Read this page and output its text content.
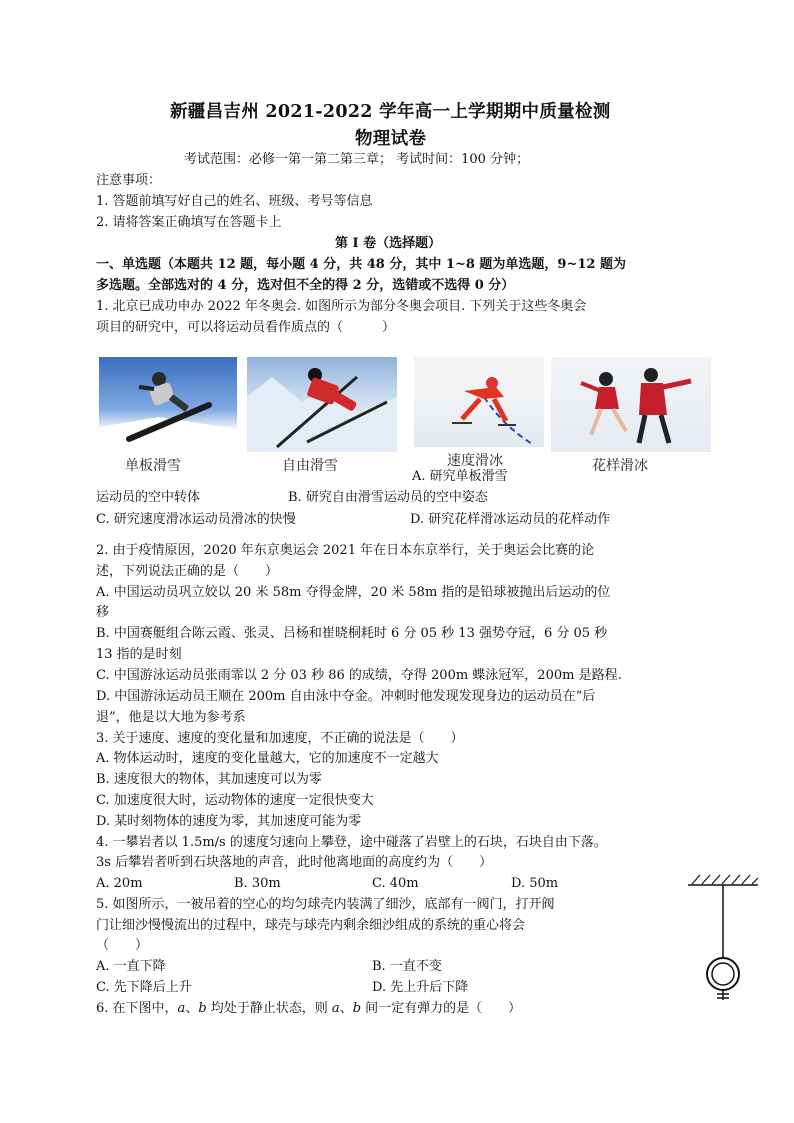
新疆昌吉州 2021-2022 学年高一上学期期中质量检测
物理试卷
考试范围：必修一第一第二第三章； 考试时间：100 分钟；
注意事项：
1. 答题前填写好自己的姓名、班级、考号等信息
2. 请将答案正确填写在答题卡上
第 I 卷（选择题）
一、单选题（本题共 12 题，每小题 4 分，共 48 分，其中 1~8 题为单选题，9~12 题为
多选题。全部选对的 4 分，选对但不全的得 2 分，选错或不选得 0 分）
1. 北京已成功申办 2022 年冬奥会. 如图所示为部分冬奥会项目. 下列关于这些冬奥会
项目的研究中，可以将运动员看作质点的（　　　）
单板滑雪	自由滑雪	速度滑冰	花样滑冰
A. 研究单板滑雪
运动员的空中转体	B. 研究自由滑雪运动员的空中姿态
C. 研究速度滑冰运动员滑冰的快慢	D. 研究花样滑冰运动员的花样动作
2. 由于疫情原因，2020 年东京奥运会 2021 年在日本东京举行，关于奥运会比赛的论
述，下列说法正确的是（　　）
A. 中国运动员巩立姣以 20 米 58m 夺得金牌，20 米 58m 指的是铅球被抛出后运动的位
移
B. 中国赛艇组合陈云霞、张灵、吕杨和崔晓桐耗时 6 分 05 秒 13 强势夺冠，6 分 05 秒
13 指的是时刻
C. 中国游泳运动员张雨霏以 2 分 03 秒 86 的成绩，夺得 200m 蝶泳冠军，200m 是路程.
D. 中国游泳运动员王顺在 200m 自由泳中夺金。冲刺时他发现发现身边的运动员在“后
退”，他是以大地为参考系
3. 关于速度、速度的变化量和加速度，不正确的说法是（　　）
A. 物体运动时，速度的变化量越大，它的加速度不一定越大
B. 速度很大的物体，其加速度可以为零
C. 加速度很大时，运动物体的速度一定很快变大
D. 某时刻物体的速度为零，其加速度可能为零
4. 一攀岩者以 1.5m/s 的速度匀速向上攀登，途中碰落了岩壁上的石块，石块自由下落。
3s 后攀岩者听到石块落地的声音，此时他离地面的高度约为（　　）
A. 20m	B. 30m	C. 40m	D. 50m
5. 如图所示，一被吊着的空心的均匀球壳内装满了细沙，底部有一阀门，打开阀
门让细沙慢慢流出的过程中，球壳与球壳内剩余细沙组成的系统的重心将会
（　　）
A. 一直下降	B. 一直不变
C. 先下降后上升	D. 先上升后下降
6. 在下图中，a、b 均处于静止状态，则 a、b 间一定有弹力的是（　　）
